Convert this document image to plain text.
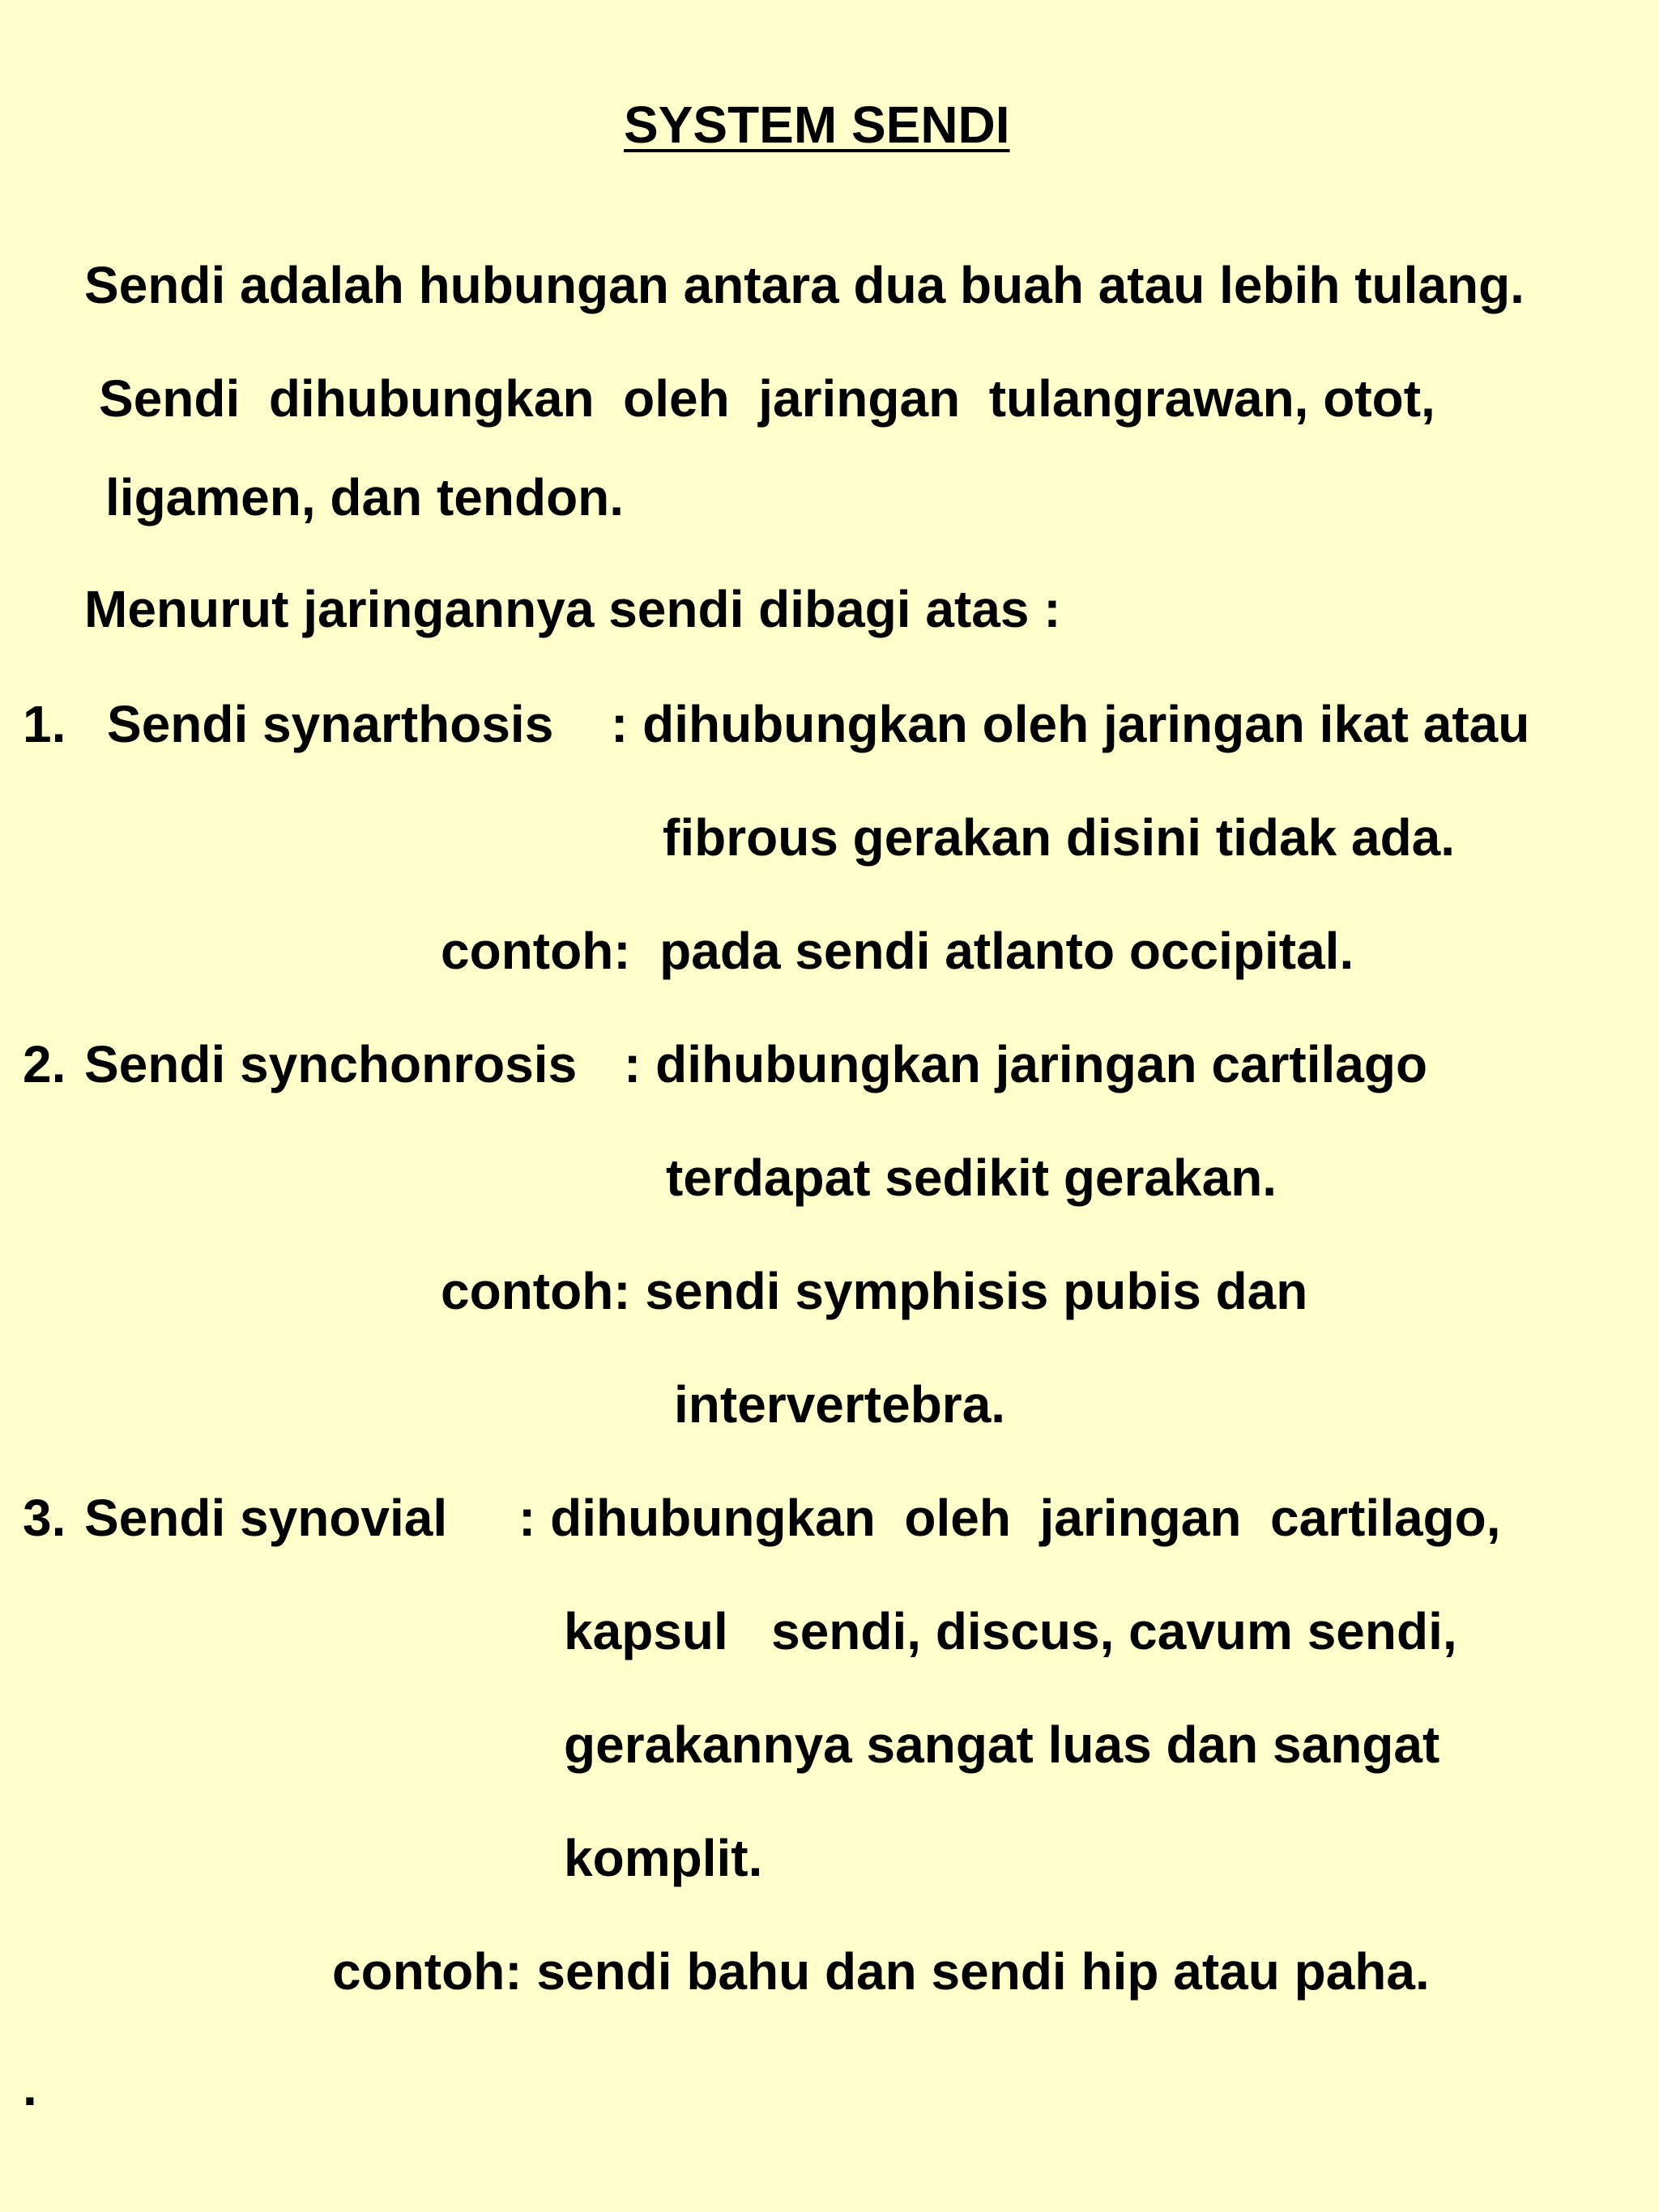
SYSTEM SENDI
Sendi adalah hubungan antara dua buah atau lebih tulang.
Sendi  dihubungkan  oleh  jaringan  tulangrawan, otot,
ligamen, dan tendon.
Menurut jaringannya sendi dibagi atas :
1. Sendi synarthosis : dihubungkan oleh jaringan ikat atau
fibrous gerakan disini tidak ada.
contoh:  pada sendi atlanto occipital.
2. Sendi synchonrosis : dihubungkan jaringan cartilago
terdapat sedikit gerakan.
contoh: sendi symphisis pubis dan
intervertebra.
3. Sendi synovial : dihubungkan  oleh  jaringan  cartilago,
kapsul   sendi, discus, cavum sendi,
gerakannya sangat luas dan sangat
komplit.
contoh: sendi bahu dan sendi hip atau paha.
.
